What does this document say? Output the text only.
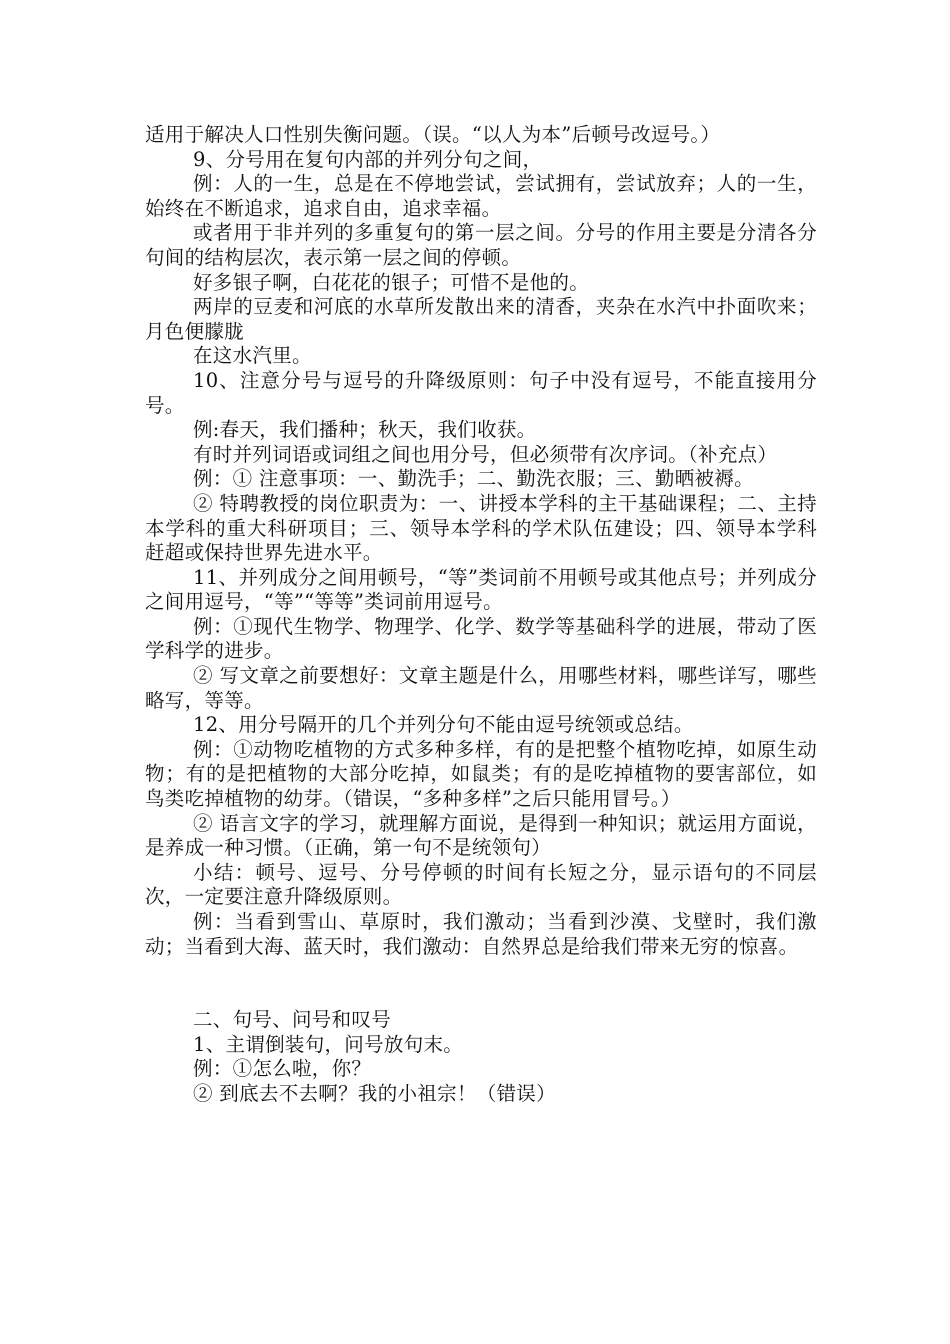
适用于解决人口性别失衡问题。（误。“以人为本”后顿号改逗号。）

9、分号用在复句内部的并列分句之间，

例：人的一生，总是在不停地尝试，尝试拥有，尝试放弃；人的一生，始终在不断追求，追求自由，追求幸福。

或者用于非并列的多重复句的第一层之间。分号的作用主要是分清各分句间的结构层次，表示第一层之间的停顿。

好多银子啊，白花花的银子；可惜不是他的。

两岸的豆麦和河底的水草所发散出来的清香，夹杂在水汽中扑面吹来；月色便朦胧

在这水汽里。

10、注意分号与逗号的升降级原则：句子中没有逗号，不能直接用分号。

例:春天，我们播种；秋天，我们收获。

有时并列词语或词组之间也用分号，但必须带有次序词。（补充点）

例：① 注意事项：一、勤洗手；二、勤洗衣服；三、勤晒被褥。

② 特聘教授的岗位职责为：一、讲授本学科的主干基础课程；二、主持本学科的重大科研项目；三、领导本学科的学术队伍建设；四、领导本学科赶超或保持世界先进水平。

11、并列成分之间用顿号，“等”类词前不用顿号或其他点号；并列成分之间用逗号，“等”“等等”类词前用逗号。

例：①现代生物学、物理学、化学、数学等基础科学的进展，带动了医学科学的进步。

② 写文章之前要想好：文章主题是什么，用哪些材料，哪些详写，哪些略写，等等。

12、用分号隔开的几个并列分句不能由逗号统领或总结。

例：①动物吃植物的方式多种多样，有的是把整个植物吃掉，如原生动物；有的是把植物的大部分吃掉，如鼠类；有的是吃掉植物的要害部位，如鸟类吃掉植物的幼芽。（错误，“多种多样”之后只能用冒号。）

② 语言文字的学习，就理解方面说，是得到一种知识；就运用方面说，是养成一种习惯。（正确，第一句不是统领句）

小结：顿号、逗号、分号停顿的时间有长短之分，显示语句的不同层次，一定要注意升降级原则。

例：当看到雪山、草原时，我们激动；当看到沙漠、戈壁时，我们激动；当看到大海、蓝天时，我们激动：自然界总是给我们带来无穷的惊喜。

二、句号、问号和叹号

1、主谓倒装句，问号放句末。

例：①怎么啦，你？

② 到底去不去啊？我的小祖宗！（错误）
